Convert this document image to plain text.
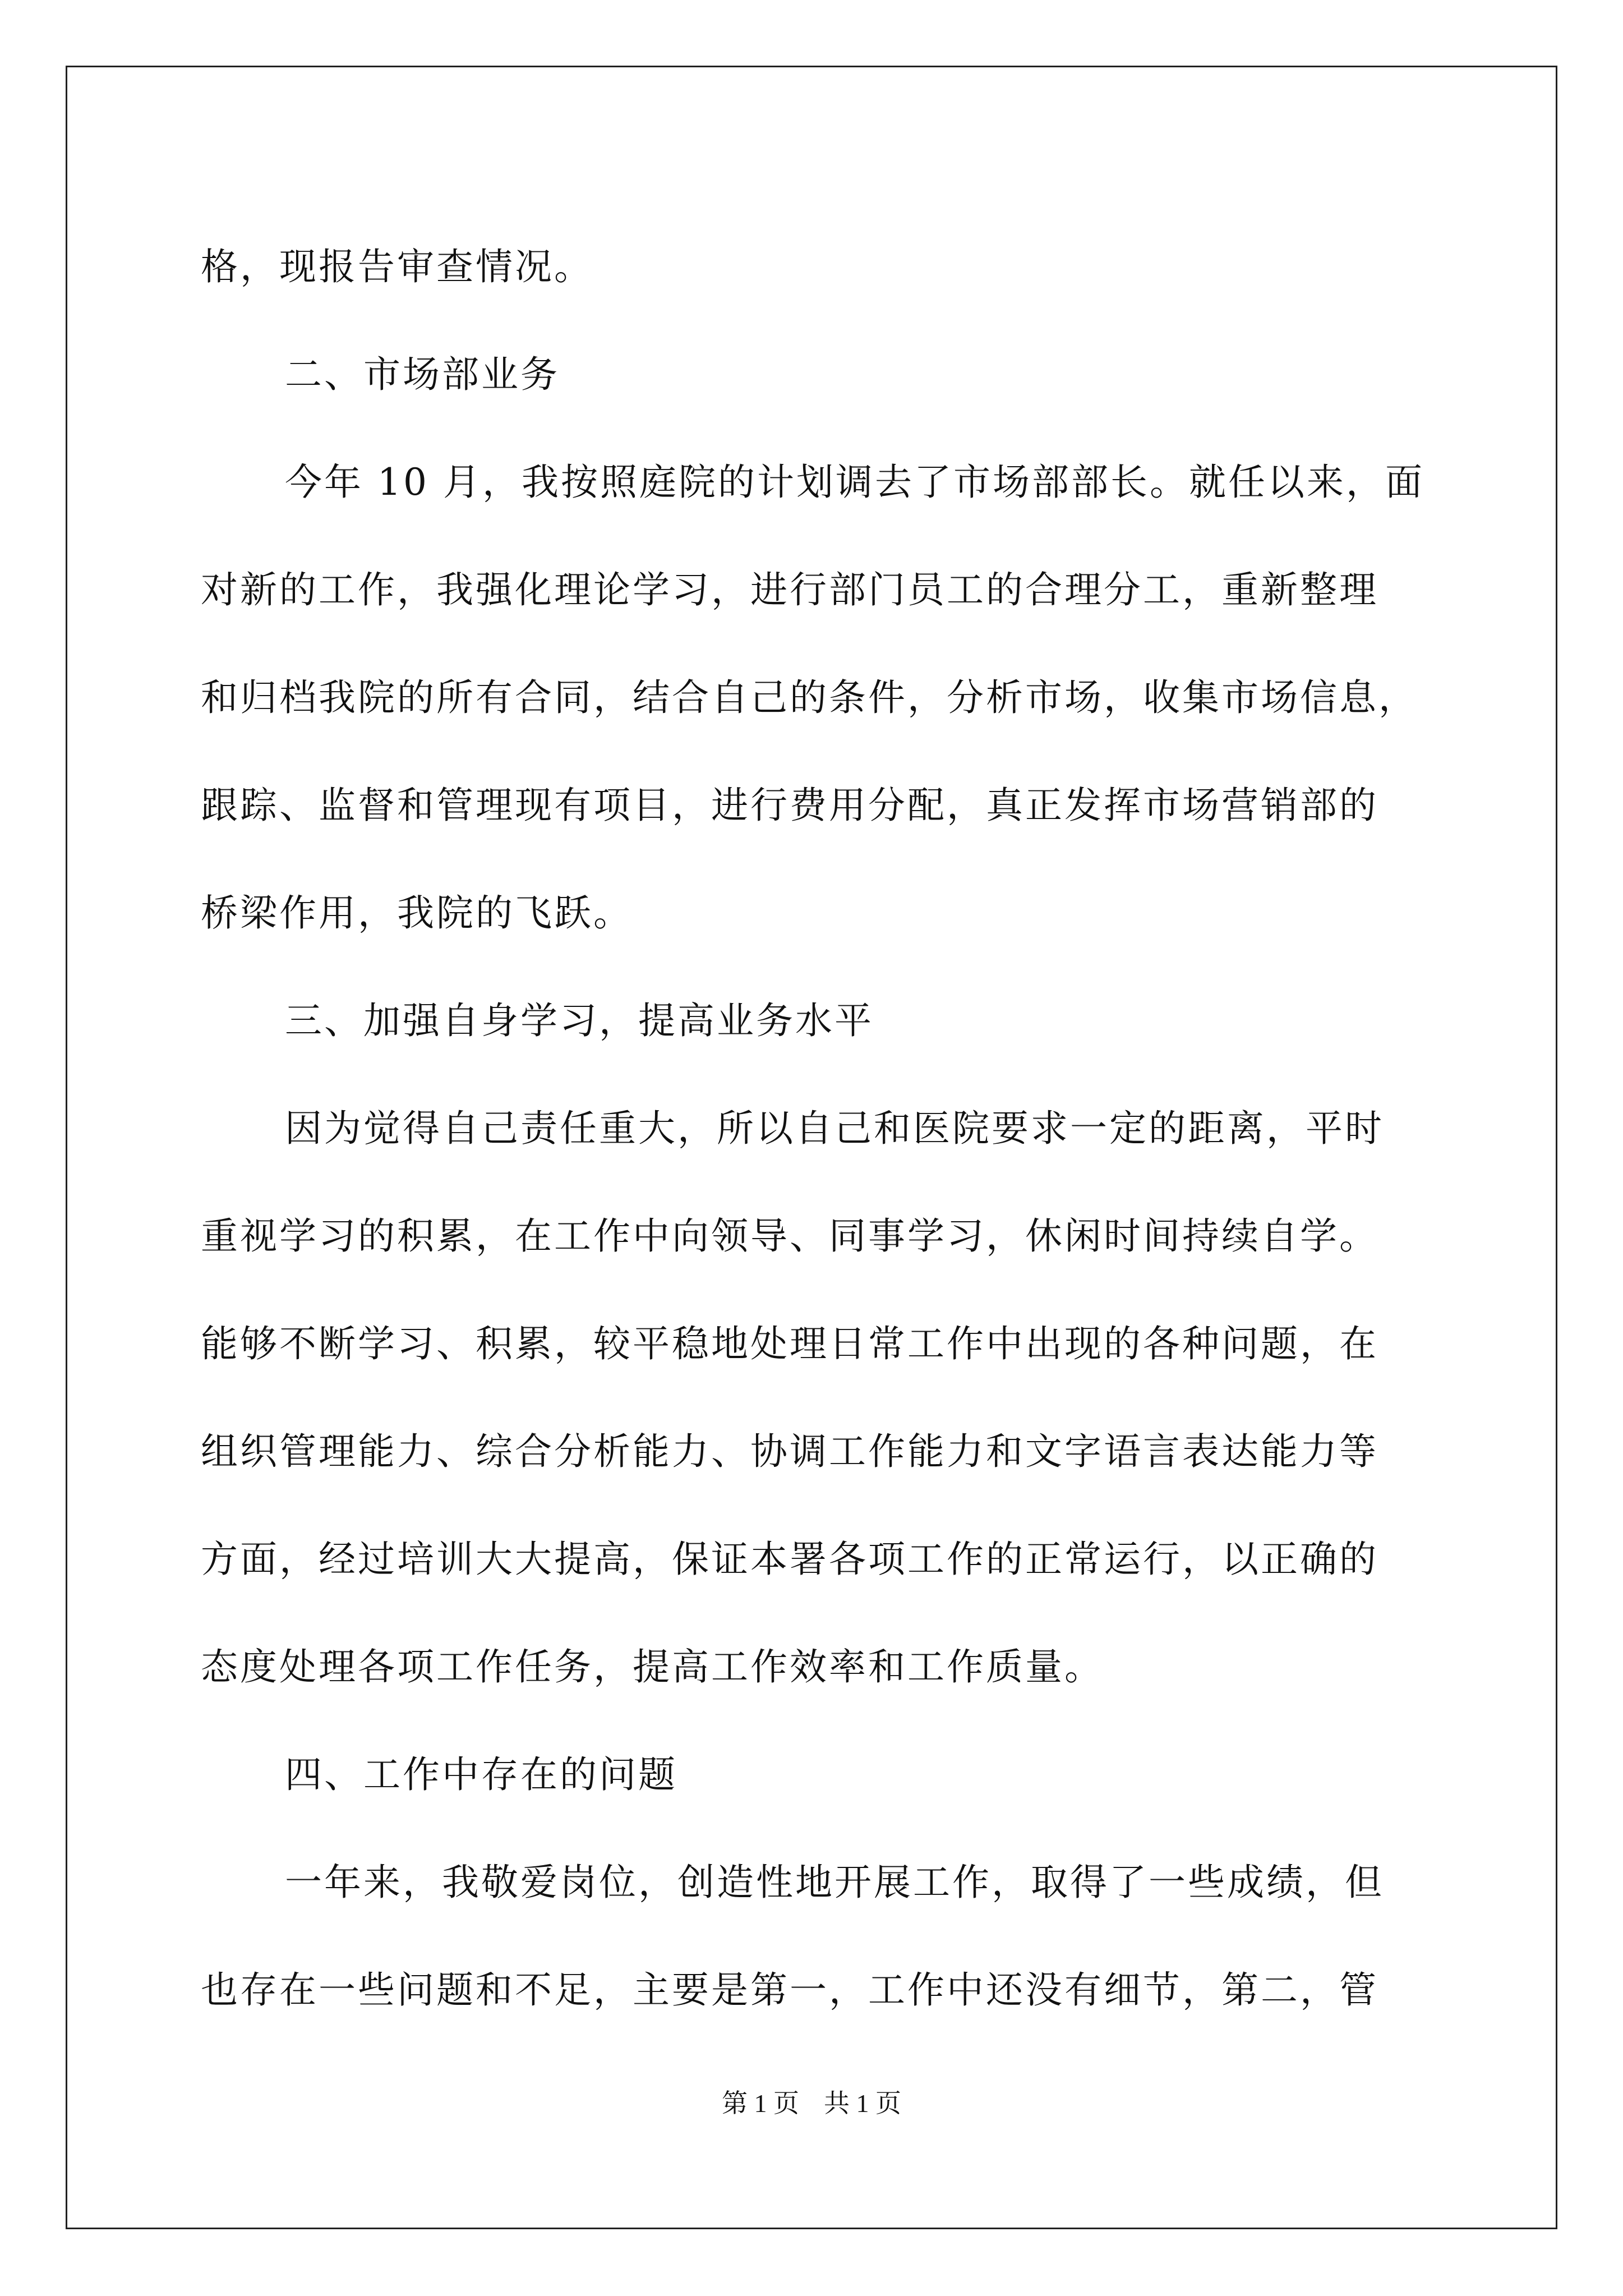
格，现报告审查情况。
二、市场部业务
今年 10 月，我按照庭院的计划调去了市场部部长。就任以来，面
对新的工作，我强化理论学习，进行部门员工的合理分工，重新整理
和归档我院的所有合同，结合自己的条件，分析市场，收集市场信息，
跟踪、监督和管理现有项目，进行费用分配，真正发挥市场营销部的
桥梁作用，我院的飞跃。
三、加强自身学习，提高业务水平
因为觉得自己责任重大，所以自己和医院要求一定的距离，平时
重视学习的积累，在工作中向领导、同事学习，休闲时间持续自学。
能够不断学习、积累，较平稳地处理日常工作中出现的各种问题，在
组织管理能力、综合分析能力、协调工作能力和文字语言表达能力等
方面，经过培训大大提高，保证本署各项工作的正常运行，以正确的
态度处理各项工作任务，提高工作效率和工作质量。
四、工作中存在的问题
一年来，我敬爱岗位，创造性地开展工作，取得了一些成绩，但
也存在一些问题和不足，主要是第一，工作中还没有细节，第二，管
第 1 页 共 1 页
